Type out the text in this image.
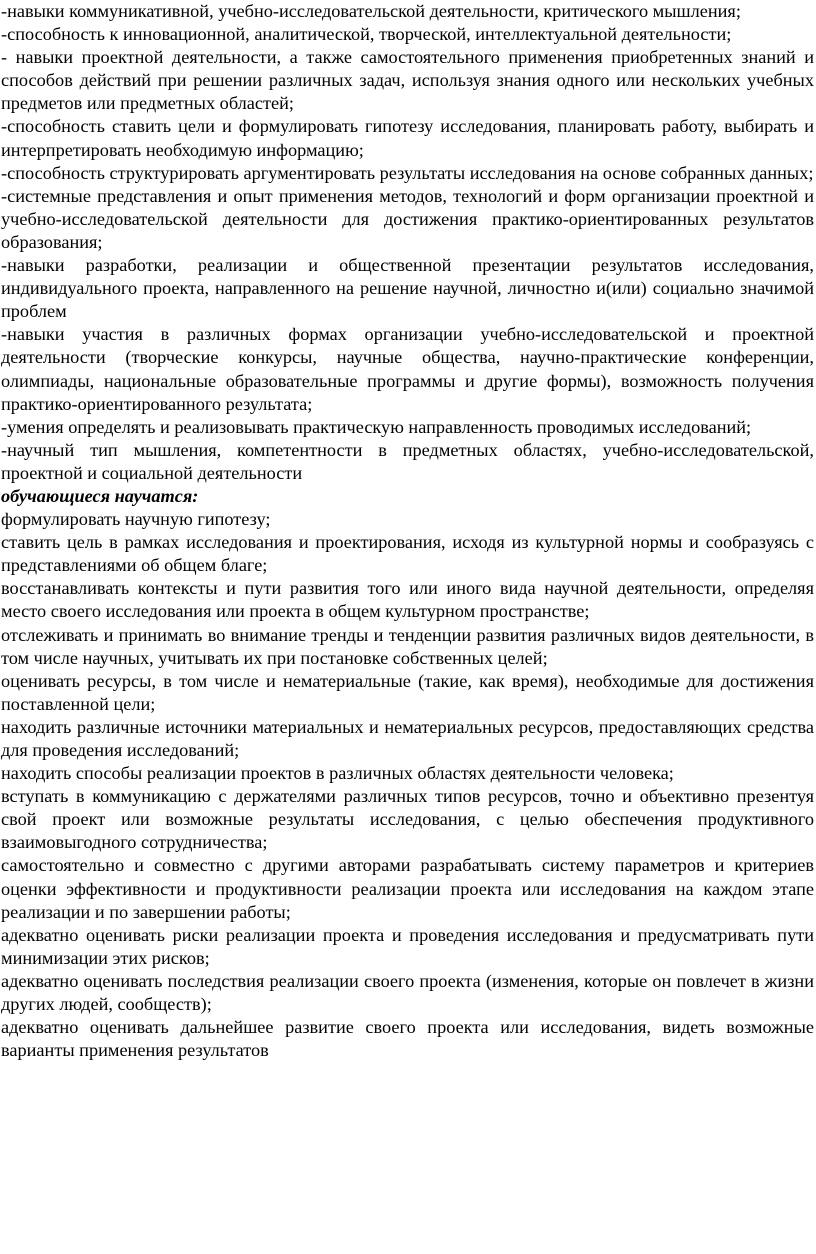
-навыки коммуникативной, учебно-исследовательской деятельности, критического мышления;

-способность к инновационной, аналитической, творческой, интеллектуальной деятельности;

- навыки проектной деятельности, а также самостоятельного применения приобретенных знаний и способов действий при решении различных задач, используя знания одного или нескольких учебных предметов или предметных областей;

-способность ставить цели и формулировать гипотезу исследования, планировать работу, выбирать и интерпретировать необходимую информацию;

-способность структурировать аргументировать результаты исследования на основе собранных данных;

-системные представления и опыт применения методов, технологий и форм организации проектной и учебно-исследовательской деятельности для достижения практико-ориентированных результатов образования;

-навыки разработки, реализации и общественной презентации результатов исследования, индивидуального проекта, направленного на решение научной, личностно и(или) социально значимой проблем

-навыки участия в различных формах организации учебно-исследовательской и проектной деятельности (творческие конкурсы, научные общества, научно-практические конференции, олимпиады, национальные образовательные программы и другие формы), возможность получения практико-ориентированного результата;

-умения определять и реализовывать практическую направленность проводимых исследований;

-научный тип мышления, компетентности в предметных областях, учебно-исследовательской, проектной и социальной деятельности

обучающиеся научатся:

формулировать научную гипотезу;

ставить цель в рамках исследования и проектирования, исходя из культурной нормы и сообразуясь с представлениями об общем благе;

восстанавливать контексты и пути развития того или иного вида научной деятельности, определяя место своего исследования или проекта в общем культурном пространстве;

отслеживать и принимать во внимание тренды и тенденции развития различных видов деятельности, в том числе научных, учитывать их при постановке собственных целей;

оценивать ресурсы, в том числе и нематериальные (такие, как время), необходимые для достижения поставленной цели;

находить различные источники материальных и нематериальных ресурсов, предоставляющих средства для проведения исследований;

находить способы реализации проектов в различных областях деятельности человека;

вступать в коммуникацию с держателями различных типов ресурсов, точно и объективно презентуя свой проект или возможные результаты исследования, с целью обеспечения продуктивного взаимовыгодного сотрудничества;

самостоятельно и совместно с другими авторами разрабатывать систему параметров и критериев оценки эффективности и продуктивности реализации проекта или исследования на каждом этапе реализации и по завершении работы;

адекватно оценивать риски реализации проекта и проведения исследования и предусматривать пути минимизации этих рисков;

адекватно оценивать последствия реализации своего проекта (изменения, которые он повлечет в жизни других людей, сообществ);

адекватно оценивать дальнейшее развитие своего проекта или исследования, видеть возможные варианты применения результатов
